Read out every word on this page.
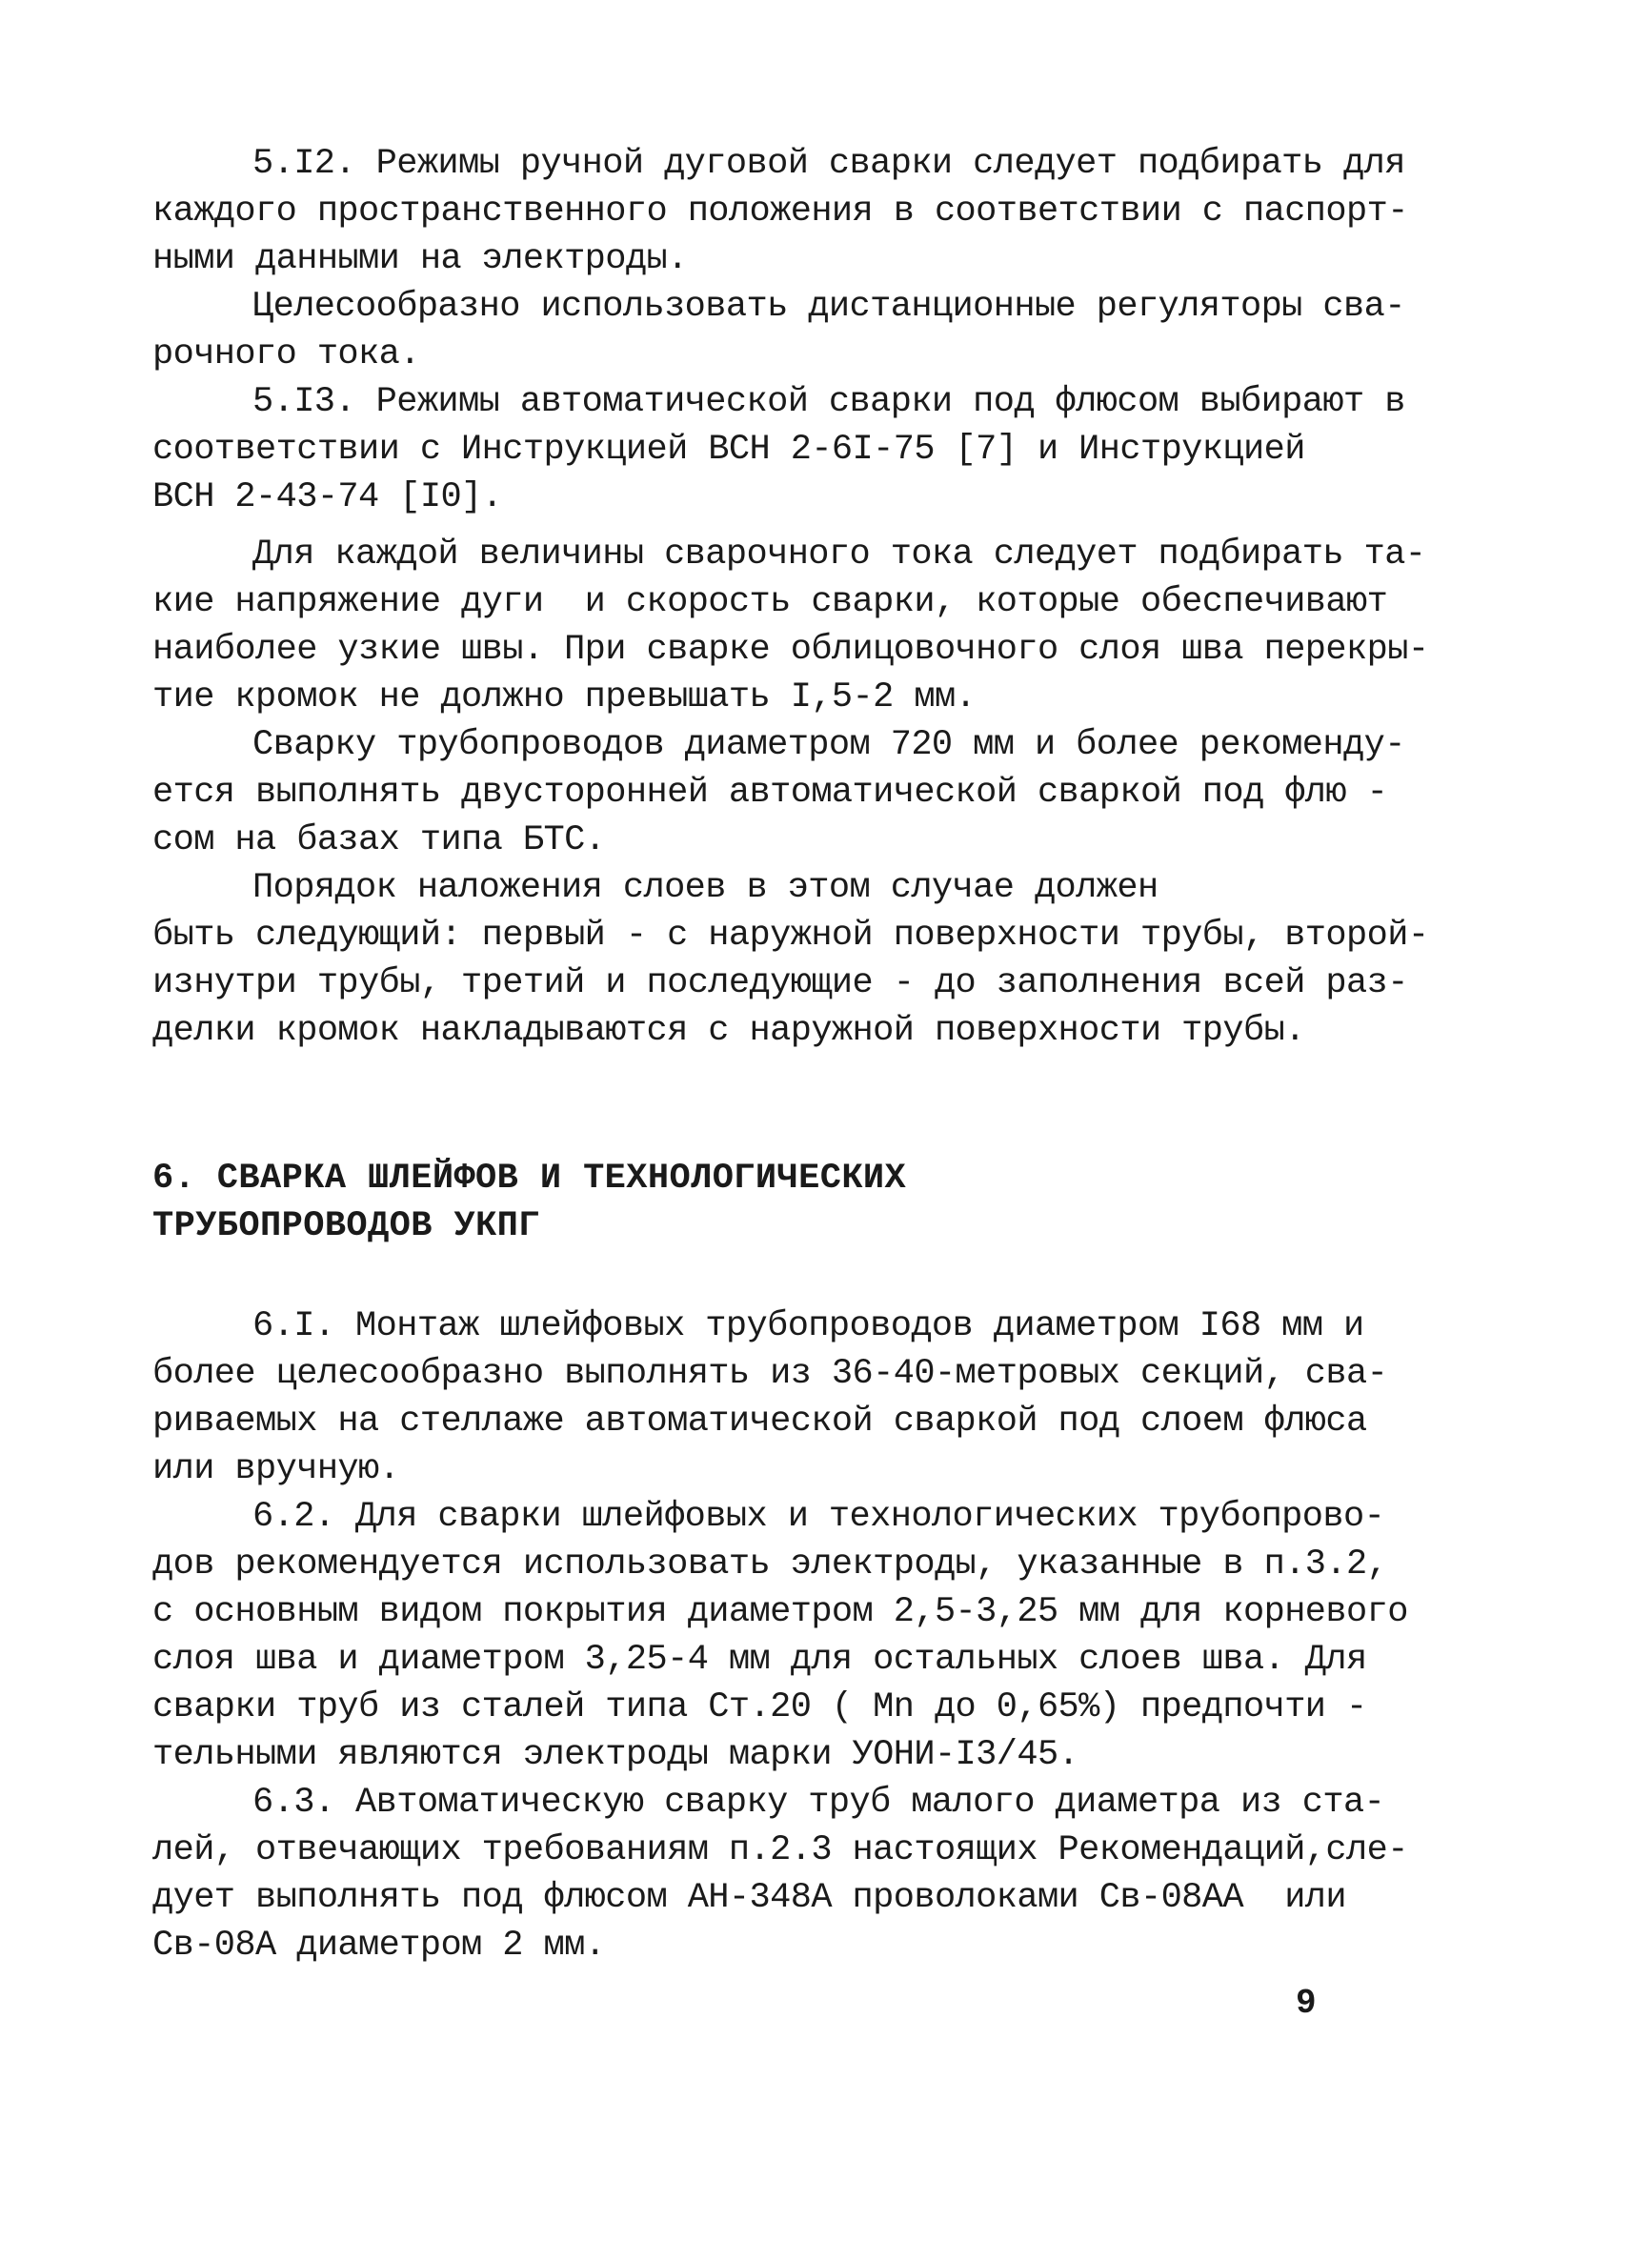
5.I2. Режимы ручной дуговой сварки следует подбирать для
каждого пространственного положения в соответствии с паспорт-
ными данными на электроды.
Целесообразно использовать дистанционные регуляторы сва-
рочного тока.
5.I3. Режимы автоматической сварки под флюсом выбирают в
соответствии с Инструкцией ВСН 2-6I-75 [7] и Инструкцией
ВСН 2-43-74 [I0].
Для каждой величины сварочного тока следует подбирать та-
кие напряжение дуги  и скорость сварки, которые обеспечивают
наиболее узкие швы. При сварке облицовочного слоя шва перекры-
тие кромок не должно превышать I,5-2 мм.
Сварку трубопроводов диаметром 720 мм и более рекоменду-
ется выполнять двусторонней автоматической сваркой под флю -
сом на базах типа БТС.
Порядок наложения слоев в этом случае должен
быть следующий: первый - с наружной поверхности трубы, второй-
изнутри трубы, третий и последующие - до заполнения всей раз-
делки кромок накладываются с наружной поверхности трубы.
6. СВАРКА ШЛЕЙФОВ И ТЕХНОЛОГИЧЕСКИХ
ТРУБОПРОВОДОВ УКПГ
6.I. Монтаж шлейфовых трубопроводов диаметром I68 мм и
более целесообразно выполнять из 36-40-метровых секций, сва-
риваемых на стеллаже автоматической сваркой под слоем флюса
или вручную.
6.2. Для сварки шлейфовых и технологических трубопрово-
дов рекомендуется использовать электроды, указанные в п.3.2,
с основным видом покрытия диаметром 2,5-3,25 мм для корневого
слоя шва и диаметром 3,25-4 мм для остальных слоев шва. Для
сварки труб из сталей типа Ст.20 ( Mn до 0,65%) предпочти -
тельными являются электроды марки УОНИ-I3/45.
6.3. Автоматическую сварку труб малого диаметра из ста-
лей, отвечающих требованиям п.2.3 настоящих Рекомендаций,сле-
дует выполнять под флюсом АН-348А проволоками Св-08АА  или
Св-08А диаметром 2 мм.
9
